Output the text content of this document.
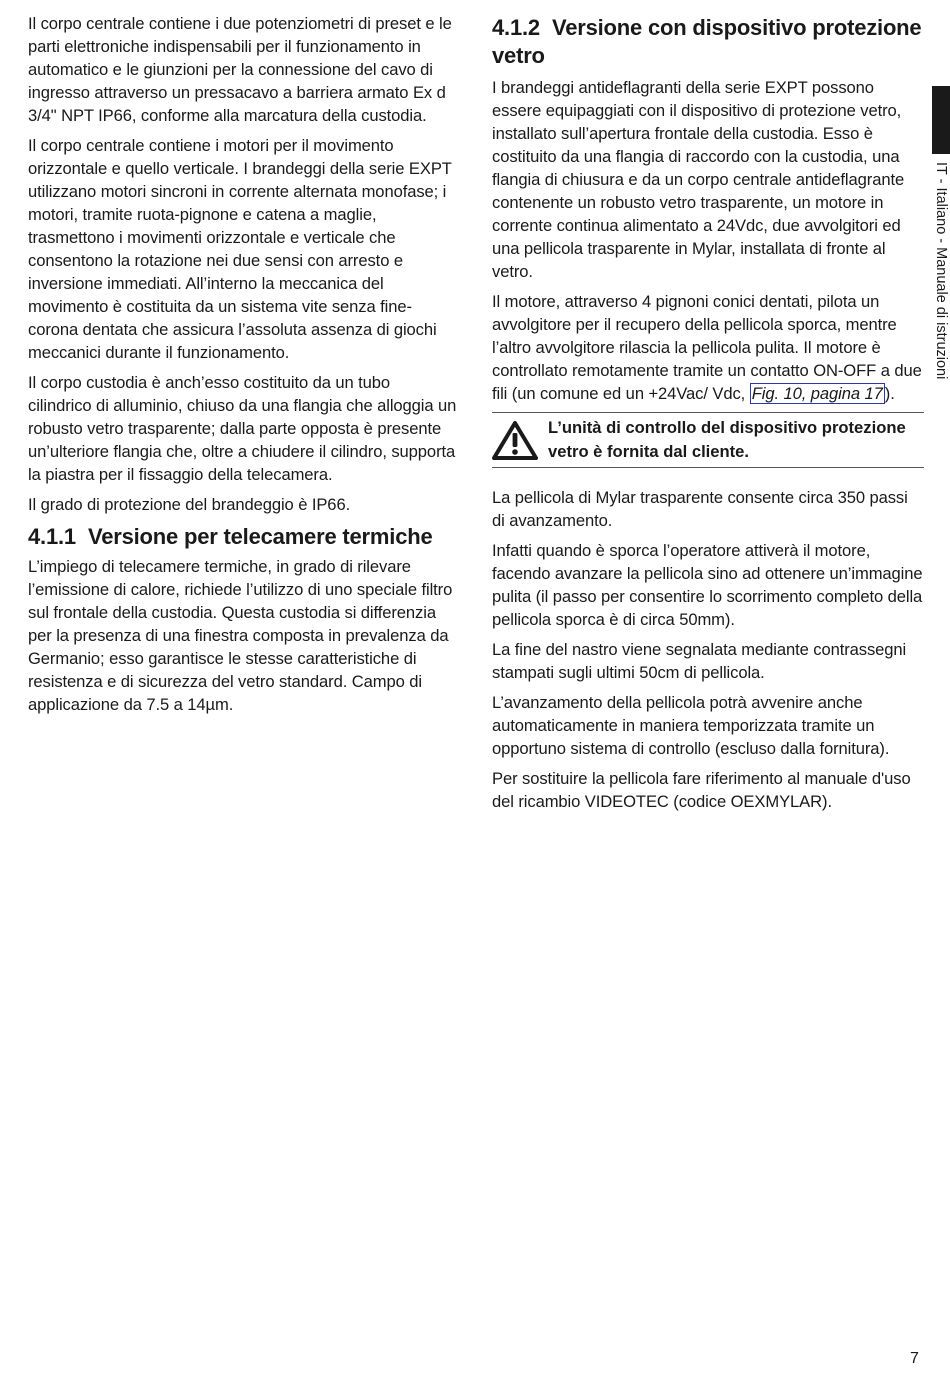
Il corpo centrale contiene i due potenziometri di preset e le parti elettroniche indispensabili per il funzionamento in automatico e le giunzioni per la connessione del cavo di ingresso attraverso un pressacavo a barriera armato Ex d 3/4" NPT IP66, conforme alla marcatura della custodia.

Il corpo centrale contiene i motori per il movimento orizzontale e quello verticale. I brandeggi della serie EXPT utilizzano motori sincroni in corrente alternata monofase; i motori, tramite ruota-pignone e catena a maglie, trasmettono i movimenti orizzontale e verticale che consentono la rotazione nei due sensi con arresto e inversione immediati. All’interno la meccanica del movimento è costituita da un sistema vite senza fine-corona dentata che assicura l’assoluta assenza di giochi meccanici durante il funzionamento.

Il corpo custodia è anch’esso costituito da un tubo cilindrico di alluminio, chiuso da una flangia che alloggia un robusto vetro trasparente; dalla parte opposta è presente un’ulteriore flangia che, oltre a chiudere il cilindro, supporta la piastra per il fissaggio della telecamera.

Il grado di protezione del brandeggio è IP66.

4.1.1 Versione per telecamere termiche

L’impiego di telecamere termiche, in grado di rilevare l’emissione di calore, richiede l’utilizzo di uno speciale filtro sul frontale della custodia. Questa custodia si differenzia per la presenza di una finestra composta in prevalenza da Germanio; esso garantisce le stesse caratteristiche di resistenza e di sicurezza del vetro standard. Campo di applicazione da 7.5 a 14µm.

4.1.2 Versione con dispositivo protezione vetro

I brandeggi antideflagranti della serie EXPT possono essere equipaggiati con il dispositivo di protezione vetro, installato sull’apertura frontale della custodia. Esso è costituito da una flangia di raccordo con la custodia, una flangia di chiusura e da un corpo centrale antideflagrante contenente un robusto vetro trasparente, un motore in corrente continua alimentato a 24Vdc, due avvolgitori ed una pellicola trasparente in Mylar, installata di fronte al vetro.

Il motore, attraverso 4 pignoni conici dentati, pilota un avvolgitore per il recupero della pellicola sporca, mentre l’altro avvolgitore rilascia la pellicola pulita. Il motore è controllato remotamente tramite un contatto ON-OFF a due fili (un comune ed un +24Vac/ Vdc, Fig. 10, pagina 17 ).

L’unità di controllo del dispositivo protezione vetro è fornita dal cliente.

La pellicola di Mylar trasparente consente circa 350 passi di avanzamento.

Infatti quando è sporca l’operatore attiverà il motore, facendo avanzare la pellicola sino ad ottenere un’immagine pulita (il passo per consentire lo scorrimento completo della pellicola sporca è di circa 50mm).

La fine del nastro viene segnalata mediante contrassegni stampati sugli ultimi 50cm di pellicola.

L’avanzamento della pellicola potrà avvenire anche automaticamente in maniera temporizzata tramite un opportuno sistema di controllo (escluso dalla fornitura).

Per sostituire la pellicola fare riferimento al manuale d'uso del ricambio VIDEOTEC (codice OEXMYLAR).

IT - Italiano - Manuale di istruzioni
7
